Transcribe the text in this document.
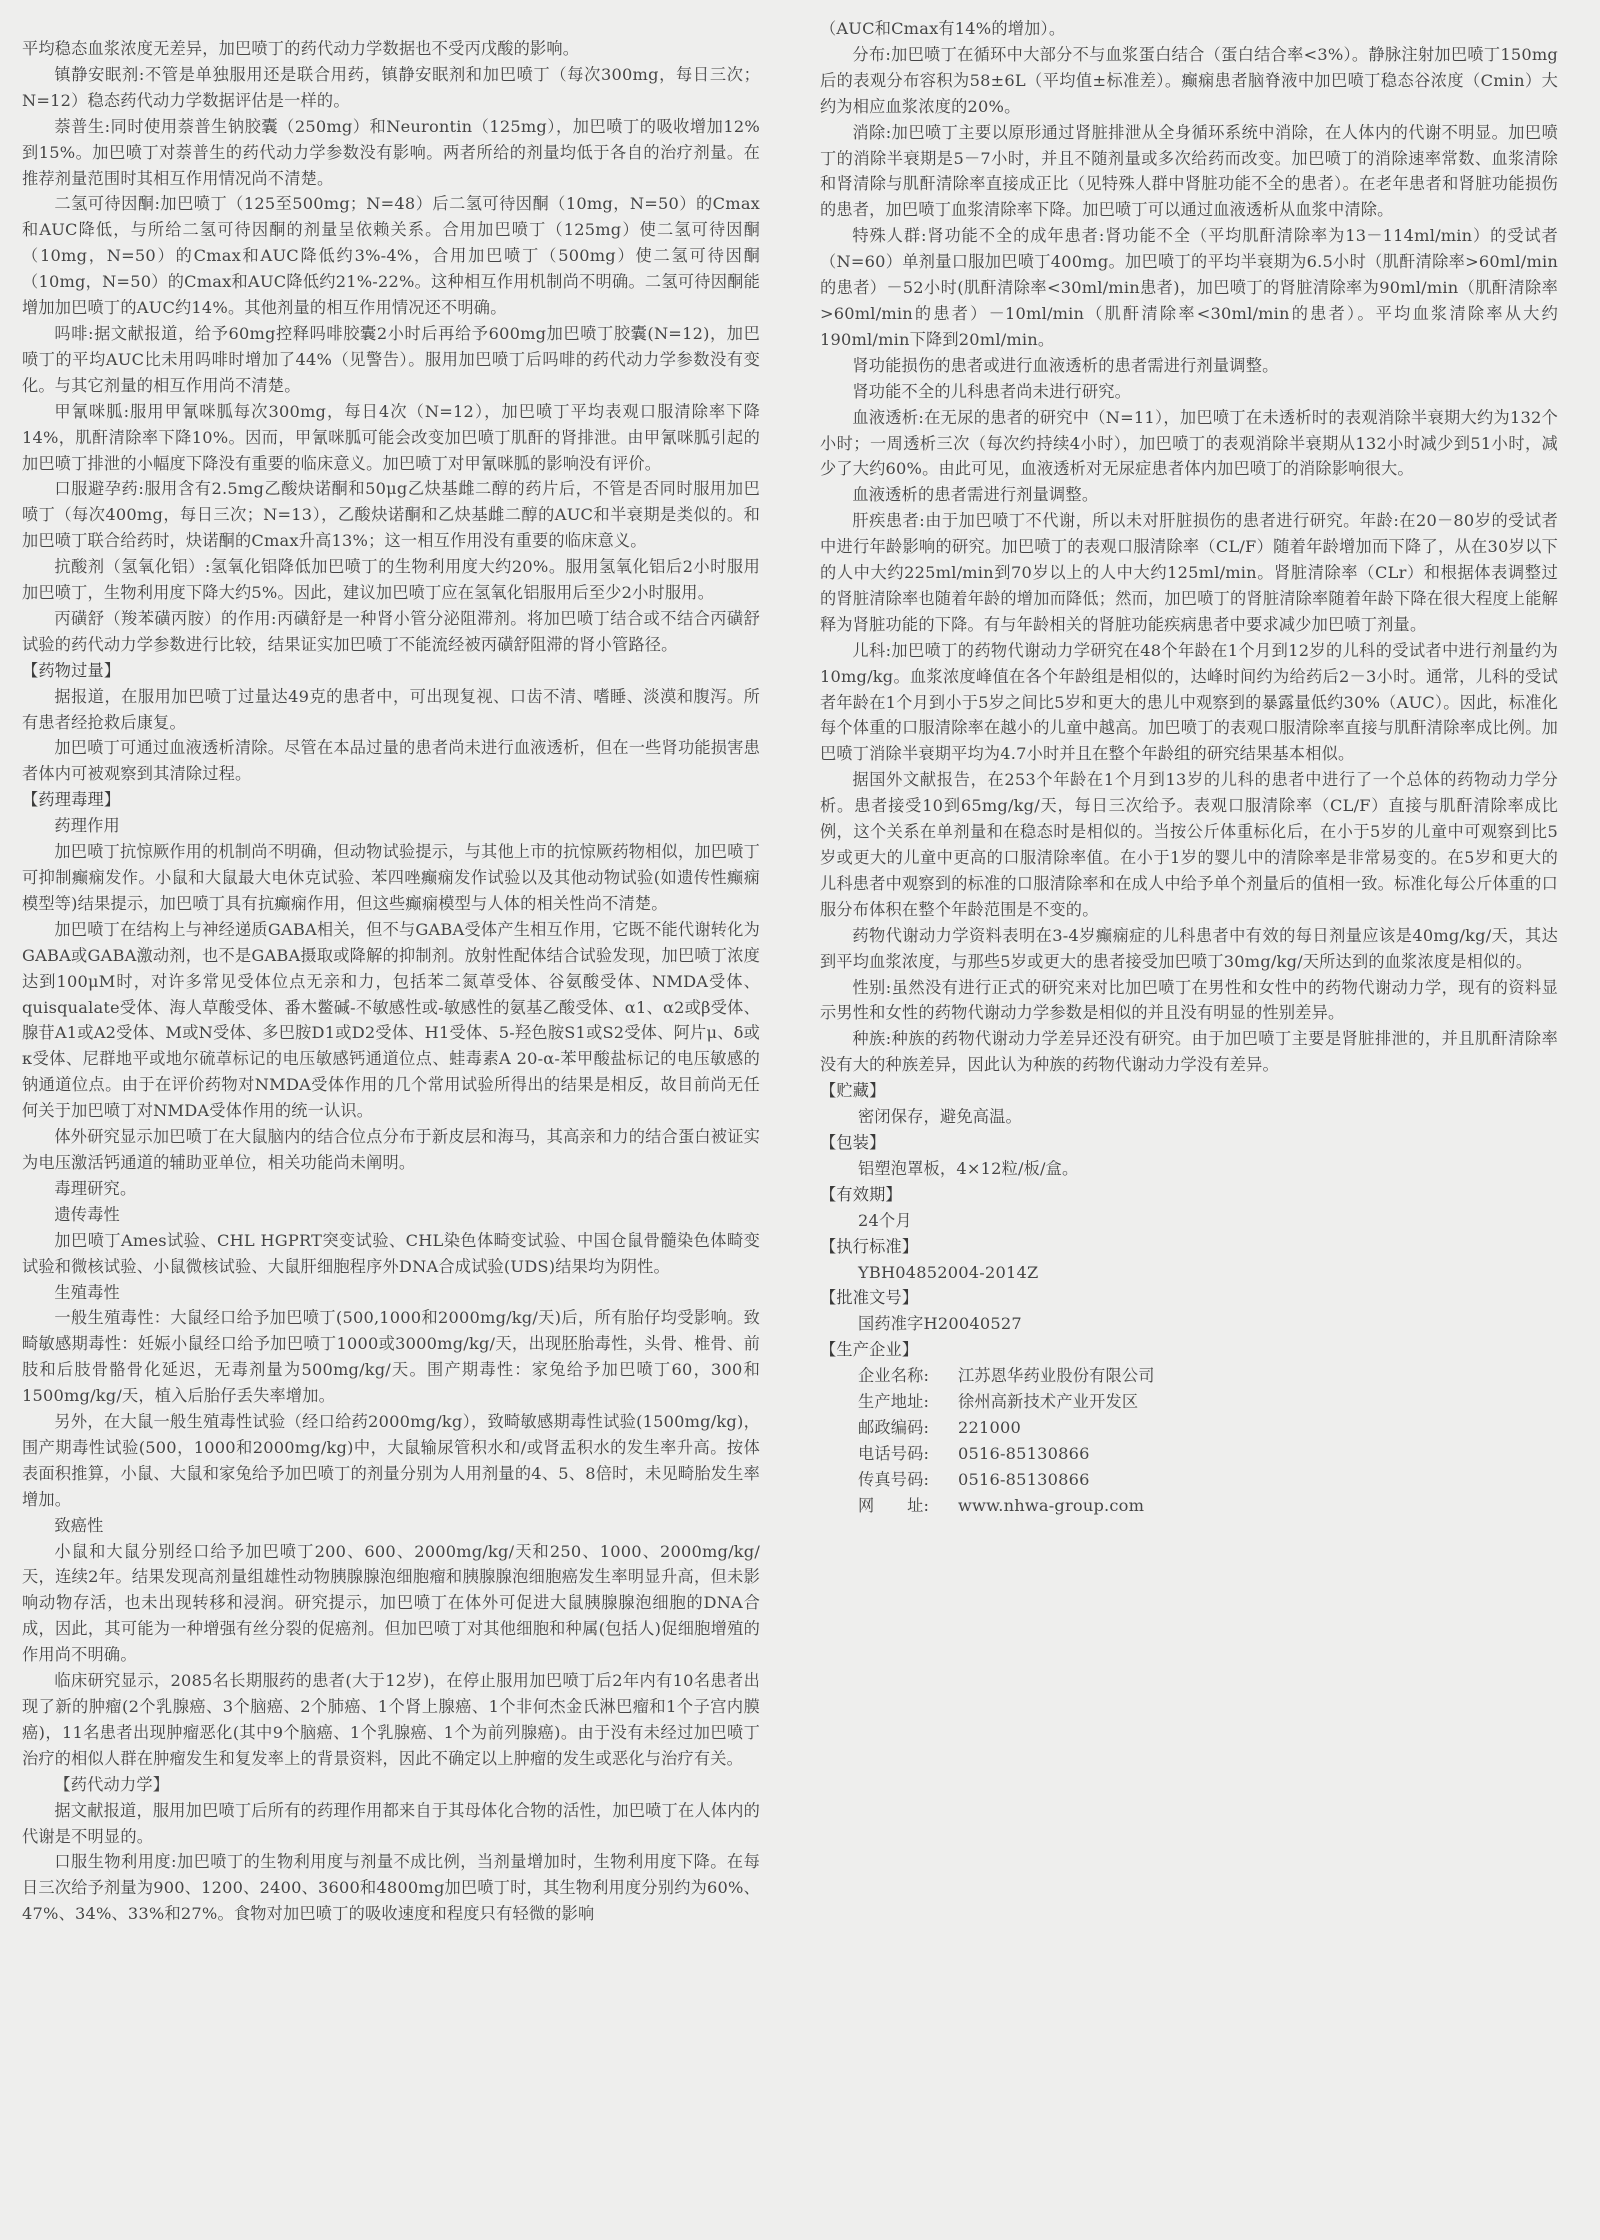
平均稳态血浆浓度无差异，加巴喷丁的药代动力学数据也不受丙戊酸的影响。

镇静安眠剂:不管是单独服用还是联合用药，镇静安眠剂和加巴喷丁（每次300mg，每日三次；N=12）稳态药代动力学数据评估是一样的。

萘普生:同时使用萘普生钠胶囊（250mg）和Neurontin（125mg），加巴喷丁的吸收增加12%到15%。加巴喷丁对萘普生的药代动力学参数没有影响。两者所给的剂量均低于各自的治疗剂量。在推荐剂量范围时其相互作用情况尚不清楚。

二氢可待因酮:加巴喷丁（125至500mg；N=48）后二氢可待因酮（10mg，N=50）的Cmax和AUC降低，与所给二氢可待因酮的剂量呈依赖关系。合用加巴喷丁（125mg）使二氢可待因酮（10mg，N=50）的Cmax和AUC降低约3%-4%，合用加巴喷丁（500mg）使二氢可待因酮（10mg，N=50）的Cmax和AUC降低约21%-22%。这种相互作用机制尚不明确。二氢可待因酮能增加加巴喷丁的AUC约14%。其他剂量的相互作用情况还不明确。

吗啡:据文献报道，给予60mg控释吗啡胶囊2小时后再给予600mg加巴喷丁胶囊(N=12)，加巴喷丁的平均AUC比未用吗啡时增加了44%（见警告）。服用加巴喷丁后吗啡的药代动力学参数没有变化。与其它剂量的相互作用尚不清楚。

甲氰咪胍:服用甲氰咪胍每次300mg，每日4次（N=12），加巴喷丁平均表观口服清除率下降14%，肌酐清除率下降10%。因而，甲氰咪胍可能会改变加巴喷丁肌酐的肾排泄。由甲氰咪胍引起的加巴喷丁排泄的小幅度下降没有重要的临床意义。加巴喷丁对甲氰咪胍的影响没有评价。

口服避孕药:服用含有2.5mg乙酸炔诺酮和50μg乙炔基雌二醇的药片后，不管是否同时服用加巴喷丁（每次400mg，每日三次；N=13），乙酸炔诺酮和乙炔基雌二醇的AUC和半衰期是类似的。和加巴喷丁联合给药时，炔诺酮的Cmax升高13%；这一相互作用没有重要的临床意义。

抗酸剂（氢氧化铝）:氢氧化铝降低加巴喷丁的生物利用度大约20%。服用氢氧化铝后2小时服用加巴喷丁，生物利用度下降大约5%。因此，建议加巴喷丁应在氢氧化铝服用后至少2小时服用。

丙磺舒（羧苯磺丙胺）的作用:丙磺舒是一种肾小管分泌阻滞剂。将加巴喷丁结合或不结合丙磺舒试验的药代动力学参数进行比较，结果证实加巴喷丁不能流经被丙磺舒阻滞的肾小管路径。

【药物过量】

据报道，在服用加巴喷丁过量达49克的患者中，可出现复视、口齿不清、嗜睡、淡漠和腹泻。所有患者经抢救后康复。

加巴喷丁可通过血液透析清除。尽管在本品过量的患者尚未进行血液透析，但在一些肾功能损害患者体内可被观察到其清除过程。

【药理毒理】

药理作用

加巴喷丁抗惊厥作用的机制尚不明确，但动物试验提示，与其他上市的抗惊厥药物相似，加巴喷丁可抑制癫痫发作。小鼠和大鼠最大电休克试验、苯四唑癫痫发作试验以及其他动物试验(如遗传性癫痫模型等)结果提示，加巴喷丁具有抗癫痫作用，但这些癫痫模型与人体的相关性尚不清楚。

加巴喷丁在结构上与神经递质GABA相关，但不与GABA受体产生相互作用，它既不能代谢转化为GABA或GABA激动剂，也不是GABA摄取或降解的抑制剂。放射性配体结合试验发现，加巴喷丁浓度达到100μM时，对许多常见受体位点无亲和力，包括苯二氮䓬受体、谷氨酸受体、NMDA受体、quisqualate受体、海人草酸受体、番木鳖碱-不敏感性或-敏感性的氨基乙酸受体、α1、α2或β受体、腺苷A1或A2受体、M或N受体、多巴胺D1或D2受体、H1受体、5-羟色胺S1或S2受体、阿片μ、δ或κ受体、尼群地平或地尔硫䓬标记的电压敏感钙通道位点、蛙毒素A 20-α-苯甲酸盐标记的电压敏感的钠通道位点。由于在评价药物对NMDA受体作用的几个常用试验所得出的结果是相反，故目前尚无任何关于加巴喷丁对NMDA受体作用的统一认识。

体外研究显示加巴喷丁在大鼠脑内的结合位点分布于新皮层和海马，其高亲和力的结合蛋白被证实为电压激活钙通道的辅助亚单位，相关功能尚未阐明。

毒理研究。

遗传毒性

加巴喷丁Ames试验、CHL HGPRT突变试验、CHL染色体畸变试验、中国仓鼠骨髓染色体畸变试验和微核试验、小鼠微核试验、大鼠肝细胞程序外DNA合成试验(UDS)结果均为阴性。

生殖毒性

一般生殖毒性：大鼠经口给予加巴喷丁(500,1000和2000mg/kg/天)后，所有胎仔均受影响。致畸敏感期毒性：妊娠小鼠经口给予加巴喷丁1000或3000mg/kg/天，出现胚胎毒性，头骨、椎骨、前肢和后肢骨骼骨化延迟，无毒剂量为500mg/kg/天。围产期毒性：家兔给予加巴喷丁60，300和1500mg/kg/天，植入后胎仔丢失率增加。

另外，在大鼠一般生殖毒性试验（经口给药2000mg/kg），致畸敏感期毒性试验(1500mg/kg)，围产期毒性试验(500，1000和2000mg/kg)中，大鼠输尿管积水和/或肾盂积水的发生率升高。按体表面积推算，小鼠、大鼠和家兔给予加巴喷丁的剂量分别为人用剂量的4、5、8倍时，未见畸胎发生率增加。

致癌性

小鼠和大鼠分别经口给予加巴喷丁200、600、2000mg/kg/天和250、1000、2000mg/kg/天，连续2年。结果发现高剂量组雄性动物胰腺腺泡细胞瘤和胰腺腺泡细胞癌发生率明显升高，但未影响动物存活，也未出现转移和浸润。研究提示，加巴喷丁在体外可促进大鼠胰腺腺泡细胞的DNA合成，因此，其可能为一种增强有丝分裂的促癌剂。但加巴喷丁对其他细胞和种属(包括人)促细胞增殖的作用尚不明确。

临床研究显示，2085名长期服药的患者(大于12岁)，在停止服用加巴喷丁后2年内有10名患者出现了新的肿瘤(2个乳腺癌、3个脑癌、2个肺癌、1个肾上腺癌、1个非何杰金氏淋巴瘤和1个子宫内膜癌)，11名患者出现肿瘤恶化(其中9个脑癌、1个乳腺癌、1个为前列腺癌)。由于没有未经过加巴喷丁治疗的相似人群在肿瘤发生和复发率上的背景资料，因此不确定以上肿瘤的发生或恶化与治疗有关。

【药代动力学】

据文献报道，服用加巴喷丁后所有的药理作用都来自于其母体化合物的活性，加巴喷丁在人体内的代谢是不明显的。

口服生物利用度:加巴喷丁的生物利用度与剂量不成比例，当剂量增加时，生物利用度下降。在每日三次给予剂量为900、1200、2400、3600和4800mg加巴喷丁时，其生物利用度分别约为60%、47%、34%、33%和27%。食物对加巴喷丁的吸收速度和程度只有轻微的影响

（AUC和Cmax有14%的增加）。

分布:加巴喷丁在循环中大部分不与血浆蛋白结合（蛋白结合率<3%）。静脉注射加巴喷丁150mg后的表观分布容积为58±6L（平均值±标准差）。癫痫患者脑脊液中加巴喷丁稳态谷浓度（Cmin）大约为相应血浆浓度的20%。

消除:加巴喷丁主要以原形通过肾脏排泄从全身循环系统中消除，在人体内的代谢不明显。加巴喷丁的消除半衰期是5－7小时，并且不随剂量或多次给药而改变。加巴喷丁的消除速率常数、血浆清除和肾清除与肌酐清除率直接成正比（见特殊人群中肾脏功能不全的患者）。在老年患者和肾脏功能损伤的患者，加巴喷丁血浆清除率下降。加巴喷丁可以通过血液透析从血浆中清除。

特殊人群:肾功能不全的成年患者:肾功能不全（平均肌酐清除率为13－114ml/min）的受试者（N=60）单剂量口服加巴喷丁400mg。加巴喷丁的平均半衰期为6.5小时（肌酐清除率>60ml/min的患者）－52小时(肌酐清除率<30ml/min患者)，加巴喷丁的肾脏清除率为90ml/min（肌酐清除率>60ml/min的患者）－10ml/min（肌酐清除率<30ml/min的患者）。平均血浆清除率从大约190ml/min下降到20ml/min。

肾功能损伤的患者或进行血液透析的患者需进行剂量调整。

肾功能不全的儿科患者尚未进行研究。

血液透析:在无尿的患者的研究中（N=11），加巴喷丁在未透析时的表观消除半衰期大约为132个小时；一周透析三次（每次约持续4小时），加巴喷丁的表观消除半衰期从132小时减少到51小时，减少了大约60%。由此可见，血液透析对无尿症患者体内加巴喷丁的消除影响很大。

血液透析的患者需进行剂量调整。

肝疾患者:由于加巴喷丁不代谢，所以未对肝脏损伤的患者进行研究。年龄:在20－80岁的受试者中进行年龄影响的研究。加巴喷丁的表观口服清除率（CL/F）随着年龄增加而下降了，从在30岁以下的人中大约225ml/min到70岁以上的人中大约125ml/min。肾脏清除率（CLr）和根据体表调整过的肾脏清除率也随着年龄的增加而降低；然而，加巴喷丁的肾脏清除率随着年龄下降在很大程度上能解释为肾脏功能的下降。有与年龄相关的肾脏功能疾病患者中要求减少加巴喷丁剂量。

儿科:加巴喷丁的药物代谢动力学研究在48个年龄在1个月到12岁的儿科的受试者中进行剂量约为10mg/kg。血浆浓度峰值在各个年龄组是相似的，达峰时间约为给药后2－3小时。通常，儿科的受试者年龄在1个月到小于5岁之间比5岁和更大的患儿中观察到的暴露量低约30%（AUC）。因此，标准化每个体重的口服清除率在越小的儿童中越高。加巴喷丁的表观口服清除率直接与肌酐清除率成比例。加巴喷丁消除半衰期平均为4.7小时并且在整个年龄组的研究结果基本相似。

据国外文献报告，在253个年龄在1个月到13岁的儿科的患者中进行了一个总体的药物动力学分析。患者接受10到65mg/kg/天，每日三次给予。表观口服清除率（CL/F）直接与肌酐清除率成比例，这个关系在单剂量和在稳态时是相似的。当按公斤体重标化后，在小于5岁的儿童中可观察到比5岁或更大的儿童中更高的口服清除率值。在小于1岁的婴儿中的清除率是非常易变的。在5岁和更大的儿科患者中观察到的标准的口服清除率和在成人中给予单个剂量后的值相一致。标准化每公斤体重的口服分布体积在整个年龄范围是不变的。

药物代谢动力学资料表明在3-4岁癫痫症的儿科患者中有效的每日剂量应该是40mg/kg/天，其达到平均血浆浓度，与那些5岁或更大的患者接受加巴喷丁30mg/kg/天所达到的血浆浓度是相似的。

性别:虽然没有进行正式的研究来对比加巴喷丁在男性和女性中的药物代谢动力学，现有的资料显示男性和女性的药物代谢动力学参数是相似的并且没有明显的性别差异。

种族:种族的药物代谢动力学差异还没有研究。由于加巴喷丁主要是肾脏排泄的，并且肌酐清除率没有大的种族差异，因此认为种族的药物代谢动力学没有差异。

【贮藏】

密闭保存，避免高温。

【包装】

铝塑泡罩板，4×12粒/板/盒。

【有效期】

24个月

【执行标准】

YBH04852004-2014Z

【批准文号】

国药准字H20040527

【生产企业】

企业名称:	江苏恩华药业股份有限公司
生产地址:	徐州高新技术产业开发区
邮政编码:	221000
电话号码:	0516-85130866
传真号码:	0516-85130866
网　　址:	www.nhwa-group.com
